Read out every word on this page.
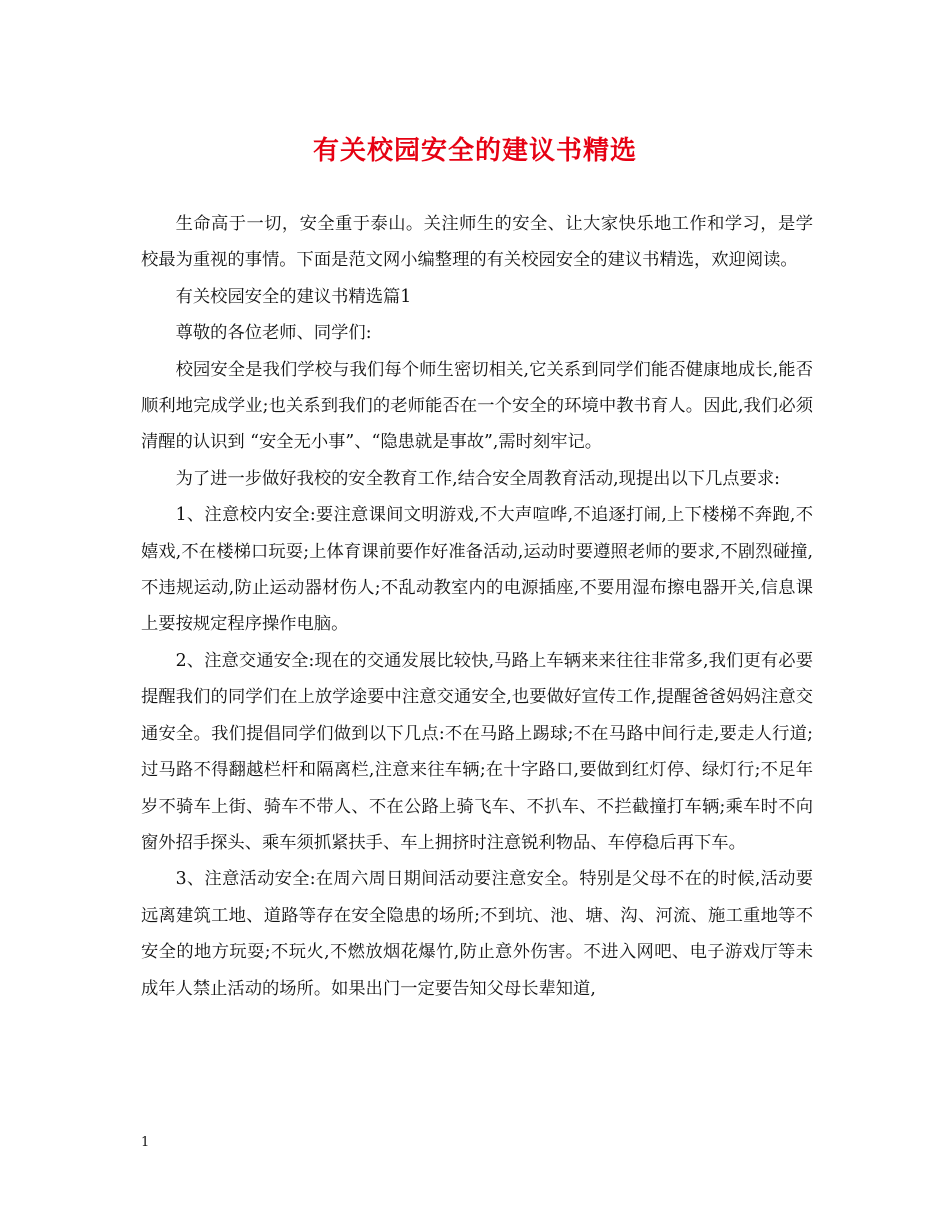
有关校园安全的建议书精选

生命高于一切，安全重于泰山。关注师生的安全、让大家快乐地工作和学习，是学校最为重视的事情。下面是范文网小编整理的有关校园安全的建议书精选，欢迎阅读。

有关校园安全的建议书精选篇1

尊敬的各位老师、同学们:

校园安全是我们学校与我们每个师生密切相关,它关系到同学们能否健康地成长,能否顺利地完成学业;也关系到我们的老师能否在一个安全的环境中教书育人。因此,我们必须清醒的认识到 “安全无小事”、“隐患就是事故”,需时刻牢记。

为了进一步做好我校的安全教育工作,结合安全周教育活动,现提出以下几点要求:

1、注意校内安全:要注意课间文明游戏,不大声喧哗,不追逐打闹,上下楼梯不奔跑,不嬉戏,不在楼梯口玩耍;上体育课前要作好准备活动,运动时要遵照老师的要求,不剧烈碰撞,不违规运动,防止运动器材伤人;不乱动教室内的电源插座,不要用湿布擦电器开关,信息课上要按规定程序操作电脑。

2、注意交通安全:现在的交通发展比较快,马路上车辆来来往往非常多,我们更有必要提醒我们的同学们在上放学途要中注意交通安全,也要做好宣传工作,提醒爸爸妈妈注意交通安全。我们提倡同学们做到以下几点:不在马路上踢球;不在马路中间行走,要走人行道;过马路不得翻越栏杆和隔离栏,注意来往车辆;在十字路口,要做到红灯停、绿灯行;不足年岁不骑车上街、骑车不带人、不在公路上骑飞车、不扒车、不拦截撞打车辆;乘车时不向窗外招手探头、乘车须抓紧扶手、车上拥挤时注意锐利物品、车停稳后再下车。

3、注意活动安全:在周六周日期间活动要注意安全。特别是父母不在的时候,活动要远离建筑工地、道路等存在安全隐患的场所;不到坑、池、塘、沟、河流、施工重地等不安全的地方玩耍;不玩火,不燃放烟花爆竹,防止意外伤害。不进入网吧、电子游戏厅等未成年人禁止活动的场所。如果出门一定要告知父母长辈知道,

1
